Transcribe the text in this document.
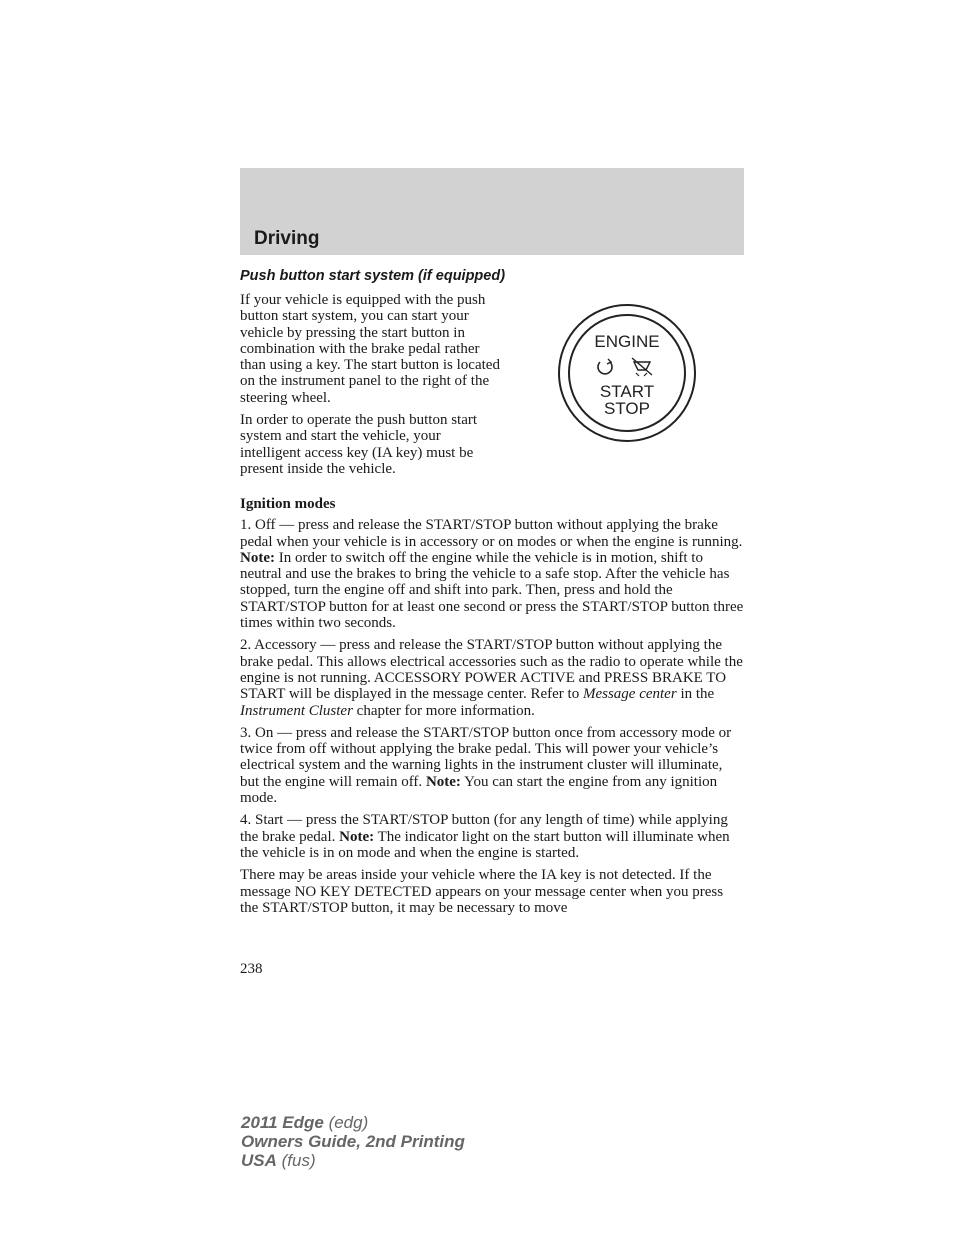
Driving
Push button start system (if equipped)

If your vehicle is equipped with the push button start system, you can start your vehicle by pressing the start button in combination with the brake pedal rather than using a key. The start button is located on the instrument panel to the right of the steering wheel.

In order to operate the push button start system and start the vehicle, your intelligent access key (IA key) must be present inside the vehicle.

ENGINE
START
STOP

Ignition modes

1. Off — press and release the START/STOP button without applying the brake pedal when your vehicle is in accessory or on modes or when the engine is running. Note: In order to switch off the engine while the vehicle is in motion, shift to neutral and use the brakes to bring the vehicle to a safe stop. After the vehicle has stopped, turn the engine off and shift into park. Then, press and hold the START/STOP button for at least one second or press the START/STOP button three times within two seconds.

2. Accessory — press and release the START/STOP button without applying the brake pedal. This allows electrical accessories such as the radio to operate while the engine is not running. ACCESSORY POWER ACTIVE and PRESS BRAKE TO START will be displayed in the message center. Refer to Message center in the Instrument Cluster chapter for more information.

3. On — press and release the START/STOP button once from accessory mode or twice from off without applying the brake pedal. This will power your vehicle’s electrical system and the warning lights in the instrument cluster will illuminate, but the engine will remain off. Note: You can start the engine from any ignition mode.

4. Start — press the START/STOP button (for any length of time) while applying the brake pedal. Note: The indicator light on the start button will illuminate when the vehicle is in on mode and when the engine is started.

There may be areas inside your vehicle where the IA key is not detected. If the message NO KEY DETECTED appears on your message center when you press the START/STOP button, it may be necessary to move

238
2011 Edge (edg)
Owners Guide, 2nd Printing
USA (fus)
